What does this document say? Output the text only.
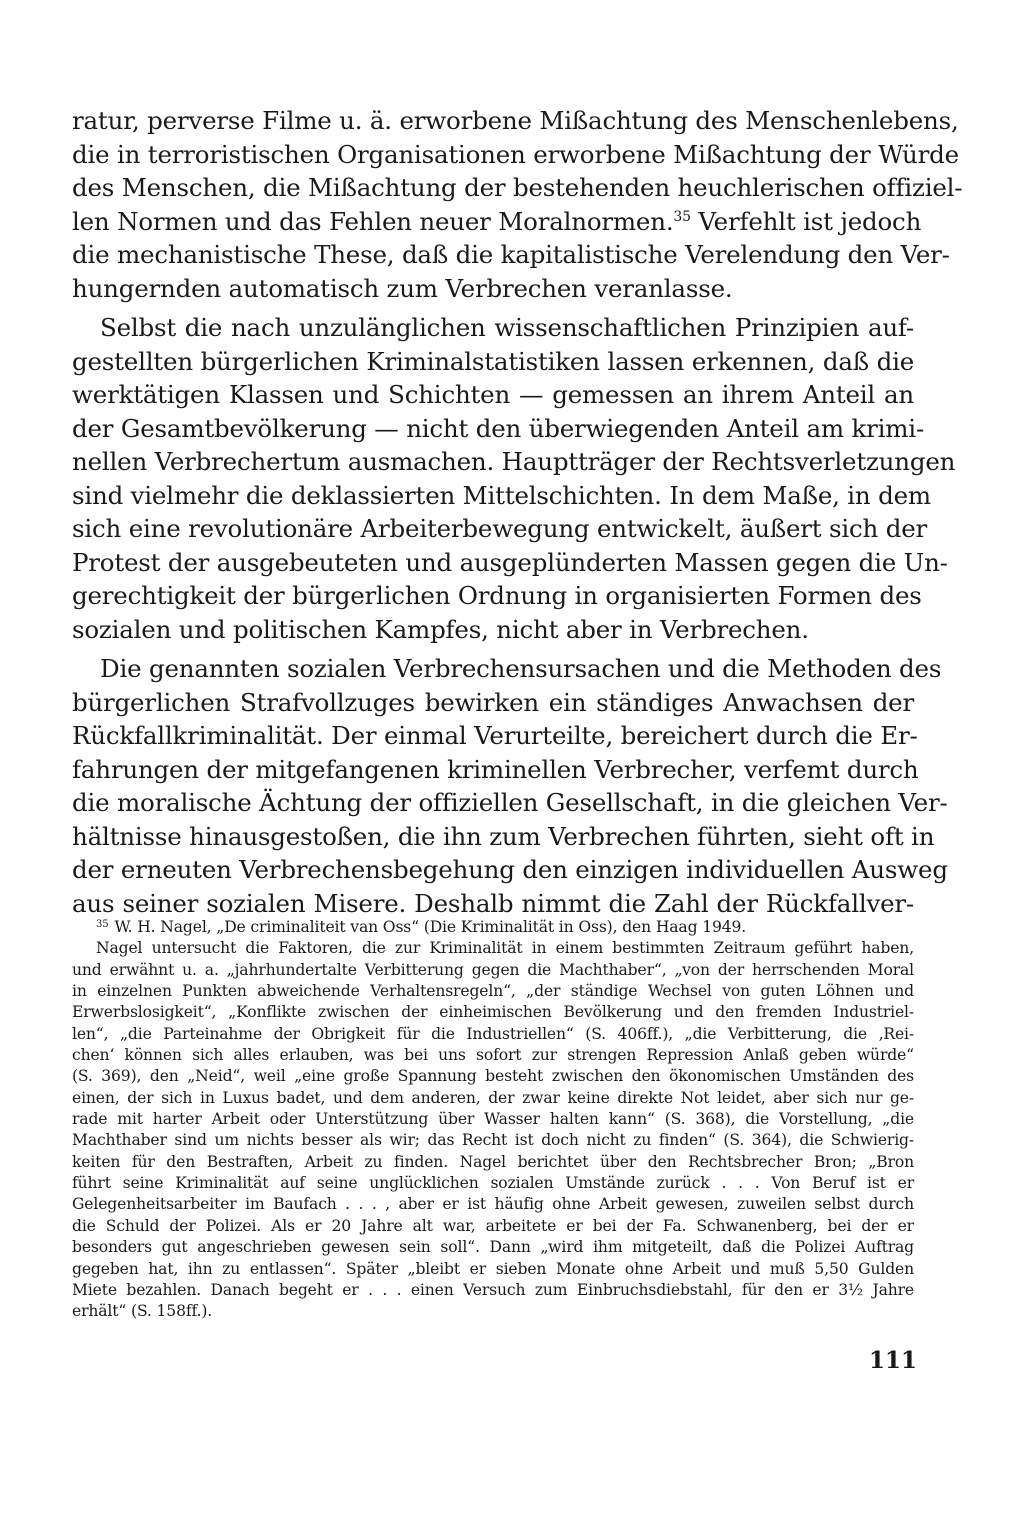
ratur, perverse Filme u. ä. erworbene Mißachtung des Menschenlebens,
die in terroristischen Organisationen erworbene Mißachtung der Würde
des Menschen, die Mißachtung der bestehenden heuchlerischen offiziel-
len Normen und das Fehlen neuer Moralnormen.$^{35}$ Verfehlt ist jedoch
die mechanistische These, daß die kapitalistische Verelendung den Ver-
hungernden automatisch zum Verbrechen veranlasse.
Selbst die nach unzulänglichen wissenschaftlichen Prinzipien auf-
gestellten bürgerlichen Kriminalstatistiken lassen erkennen, daß die
werktätigen Klassen und Schichten — gemessen an ihrem Anteil an
der Gesamtbevölkerung — nicht den überwiegenden Anteil am krimi-
nellen Verbrechertum ausmachen. Hauptträger der Rechtsverletzungen
sind vielmehr die deklassierten Mittelschichten. In dem Maße, in dem
sich eine revolutionäre Arbeiterbewegung entwickelt, äußert sich der
Protest der ausgebeuteten und ausgeplünderten Massen gegen die Un-
gerechtigkeit der bürgerlichen Ordnung in organisierten Formen des
sozialen und politischen Kampfes, nicht aber in Verbrechen.
Die genannten sozialen Verbrechensursachen und die Methoden des
bürgerlichen Strafvollzuges bewirken ein ständiges Anwachsen der
Rückfallkriminalität. Der einmal Verurteilte, bereichert durch die Er-
fahrungen der mitgefangenen kriminellen Verbrecher, verfemt durch
die moralische Ächtung der offiziellen Gesellschaft, in die gleichen Ver-
hältnisse hinausgestoßen, die ihn zum Verbrechen führten, sieht oft in
der erneuten Verbrechensbegehung den einzigen individuellen Ausweg
aus seiner sozialen Misere. Deshalb nimmt die Zahl der Rückfallver-
$^{35}$ W. H. Nagel, „De criminaliteit van Oss“ (Die Kriminalität in Oss), den Haag 1949.
Nagel untersucht die Faktoren, die zur Kriminalität in einem bestimmten Zeitraum geführt haben,
und erwähnt u. a. „jahrhundertalte Verbitterung gegen die Machthaber“, „von der herrschenden Moral
in einzelnen Punkten abweichende Verhaltensregeln“, „der ständige Wechsel von guten Löhnen und
Erwerbslosigkeit“, „Konflikte zwischen der einheimischen Bevölkerung und den fremden Industriel-
len“, „die Parteinahme der Obrigkeit für die Industriellen“ (S. 406ff.), „die Verbitterung, die ‚Rei-
chen‘ können sich alles erlauben, was bei uns sofort zur strengen Repression Anlaß geben würde“
(S. 369), den „Neid“, weil „eine große Spannung besteht zwischen den ökonomischen Umständen des
einen, der sich in Luxus badet, und dem anderen, der zwar keine direkte Not leidet, aber sich nur ge-
rade mit harter Arbeit oder Unterstützung über Wasser halten kann“ (S. 368), die Vorstellung, „die
Machthaber sind um nichts besser als wir; das Recht ist doch nicht zu finden“ (S. 364), die Schwierig-
keiten für den Bestraften, Arbeit zu finden. Nagel berichtet über den Rechtsbrecher Bron; „Bron
führt seine Kriminalität auf seine unglücklichen sozialen Umstände zurück . . . Von Beruf ist er
Gelegenheitsarbeiter im Baufach . . . , aber er ist häufig ohne Arbeit gewesen, zuweilen selbst durch
die Schuld der Polizei. Als er 20 Jahre alt war, arbeitete er bei der Fa. Schwanenberg, bei der er
besonders gut angeschrieben gewesen sein soll“. Dann „wird ihm mitgeteilt, daß die Polizei Auftrag
gegeben hat, ihn zu entlassen“. Später „bleibt er sieben Monate ohne Arbeit und muß 5,50 Gulden
Miete bezahlen. Danach begeht er . . . einen Versuch zum Einbruchsdiebstahl, für den er 3½ Jahre
erhält“ (S. 158ff.).
111
